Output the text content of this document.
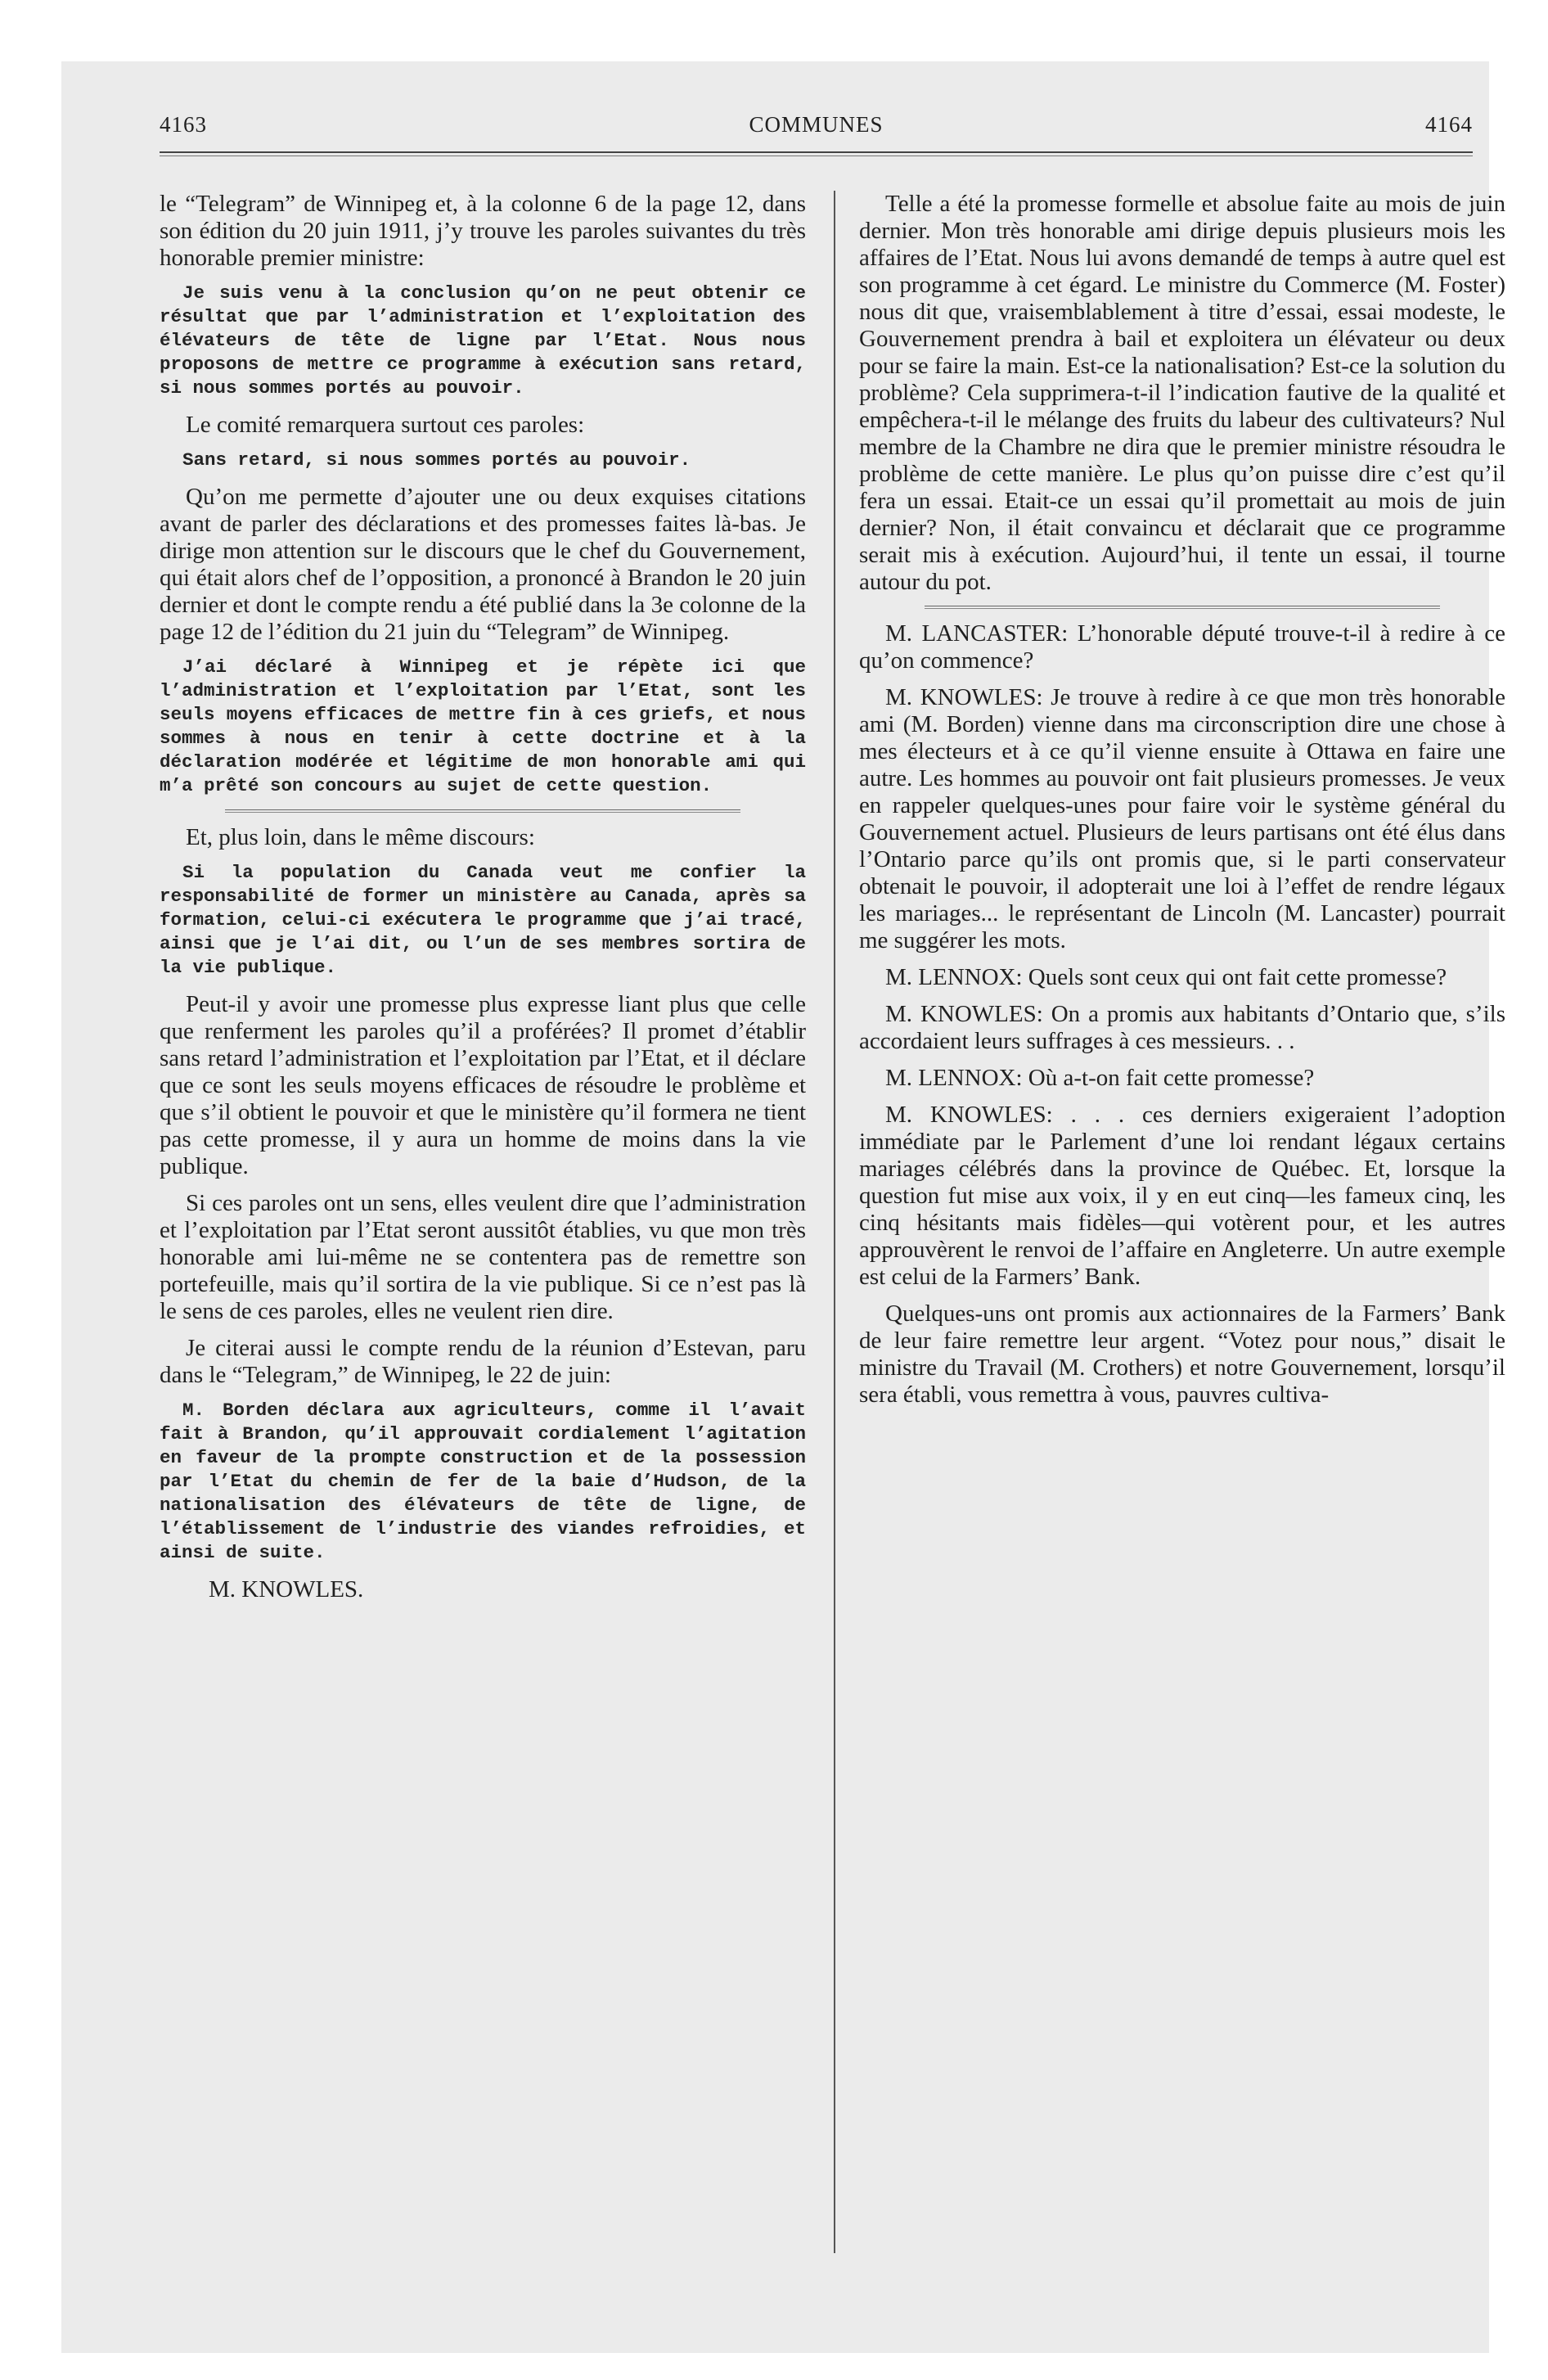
4163	COMMUNES	4164

le “Telegram” de Winnipeg et, à la colonne 6 de la page 12, dans son édition du 20 juin 1911, j’y trouve les paroles suivantes du très honorable premier ministre:

Je suis venu à la conclusion qu’on ne peut obtenir ce résultat que par l’administration et l’exploitation des élévateurs de tête de ligne par l’Etat. Nous nous proposons de mettre ce programme à exécution sans retard, si nous sommes portés au pouvoir.

Le comité remarquera surtout ces paroles:

Sans retard, si nous sommes portés au pouvoir.

Qu’on me permette d’ajouter une ou deux exquises citations avant de parler des déclarations et des promesses faites là-bas. Je dirige mon attention sur le discours que le chef du Gouvernement, qui était alors chef de l’opposition, a prononcé à Brandon le 20 juin dernier et dont le compte rendu a été publié dans la 3e colonne de la page 12 de l’édition du 21 juin du “Telegram” de Winnipeg.

J’ai déclaré à Winnipeg et je répète ici que l’administration et l’exploitation par l’Etat, sont les seuls moyens efficaces de mettre fin à ces griefs, et nous sommes à nous en tenir à cette doctrine et à la déclaration modérée et légitime de mon honorable ami qui m’a prêté son concours au sujet de cette question.

Et, plus loin, dans le même discours:

Si la population du Canada veut me confier la responsabilité de former un ministère au Canada, après sa formation, celui-ci exécutera le programme que j’ai tracé, ainsi que je l’ai dit, ou l’un de ses membres sortira de la vie publique.

Peut-il y avoir une promesse plus expresse liant plus que celle que renferment les paroles qu’il a proférées? Il promet d’établir sans retard l’administration et l’exploitation par l’Etat, et il déclare que ce sont les seuls moyens efficaces de résoudre le problème et que s’il obtient le pouvoir et que le ministère qu’il formera ne tient pas cette promesse, il y aura un homme de moins dans la vie publique.

Si ces paroles ont un sens, elles veulent dire que l’administration et l’exploitation par l’Etat seront aussitôt établies, vu que mon très honorable ami lui-même ne se contentera pas de remettre son portefeuille, mais qu’il sortira de la vie publique. Si ce n’est pas là le sens de ces paroles, elles ne veulent rien dire.

Je citerai aussi le compte rendu de la réunion d’Estevan, paru dans le “Telegram,” de Winnipeg, le 22 de juin:

M. Borden déclara aux agriculteurs, comme il l’avait fait à Brandon, qu’il approuvait cordialement l’agitation en faveur de la prompte construction et de la possession par l’Etat du chemin de fer de la baie d’Hudson, de la nationalisation des élévateurs de tête de ligne, de l’établissement de l’industrie des viandes refroidies, et ainsi de suite.

M. KNOWLES.

Telle a été la promesse formelle et absolue faite au mois de juin dernier. Mon très honorable ami dirige depuis plusieurs mois les affaires de l’Etat. Nous lui avons demandé de temps à autre quel est son programme à cet égard. Le ministre du Commerce (M. Foster) nous dit que, vraisemblablement à titre d’essai, essai modeste, le Gouvernement prendra à bail et exploitera un élévateur ou deux pour se faire la main. Est-ce la nationalisation? Est-ce la solution du problème? Cela supprimera-t-il l’indication fautive de la qualité et empêchera-t-il le mélange des fruits du labeur des cultivateurs? Nul membre de la Chambre ne dira que le premier ministre résoudra le problème de cette manière. Le plus qu’on puisse dire c’est qu’il fera un essai. Etait-ce un essai qu’il promettait au mois de juin dernier? Non, il était convaincu et déclarait que ce programme serait mis à exécution. Aujourd’hui, il tente un essai, il tourne autour du pot.

M. LANCASTER: L’honorable député trouve-t-il à redire à ce qu’on commence?

M. KNOWLES: Je trouve à redire à ce que mon très honorable ami (M. Borden) vienne dans ma circonscription dire une chose à mes électeurs et à ce qu’il vienne ensuite à Ottawa en faire une autre. Les hommes au pouvoir ont fait plusieurs promesses. Je veux en rappeler quelques-unes pour faire voir le système général du Gouvernement actuel. Plusieurs de leurs partisans ont été élus dans l’Ontario parce qu’ils ont promis que, si le parti conservateur obtenait le pouvoir, il adopterait une loi à l’effet de rendre légaux les mariages... le représentant de Lincoln (M. Lancaster) pourrait me suggérer les mots.

M. LENNOX: Quels sont ceux qui ont fait cette promesse?

M. KNOWLES: On a promis aux habitants d’Ontario que, s’ils accordaient leurs suffrages à ces messieurs. . .

M. LENNOX: Où a-t-on fait cette promesse?

M. KNOWLES: . . . ces derniers exigeraient l’adoption immédiate par le Parlement d’une loi rendant légaux certains mariages célébrés dans la province de Québec. Et, lorsque la question fut mise aux voix, il y en eut cinq—les fameux cinq, les cinq hésitants mais fidèles—qui votèrent pour, et les autres approuvèrent le renvoi de l’affaire en Angleterre. Un autre exemple est celui de la Farmers’ Bank.

Quelques-uns ont promis aux actionnaires de la Farmers’ Bank de leur faire remettre leur argent. “Votez pour nous,” disait le ministre du Travail (M. Crothers) et notre Gouvernement, lorsqu’il sera établi, vous remettra à vous, pauvres cultiva-
